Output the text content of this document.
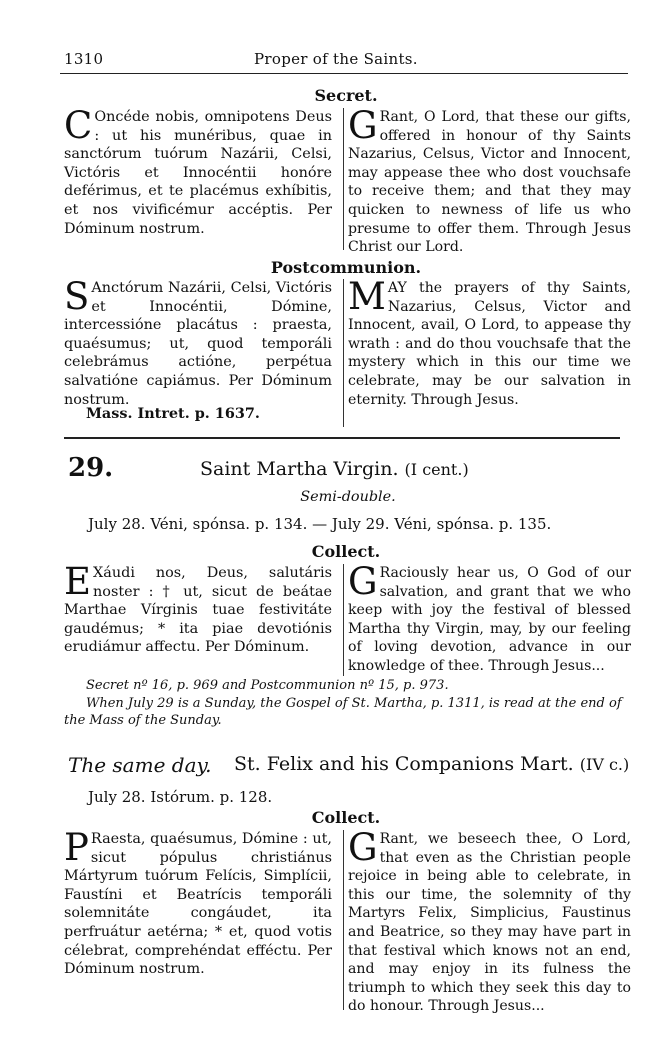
1310	Proper of the Saints.
Secret.
C Oncéde nobis, omnipotens Deus : ut his munéribus, quae in sanctórum tuórum Nazárii, Celsi, Victóris et Innocéntii honóre deférimus, et te placémus exhíbitis, et nos vivificémur accéptis. Per Dóminum nostrum.
G Rant, O Lord, that these our gifts, offered in honour of thy Saints Nazarius, Celsus, Victor and Innocent, may appease thee who dost vouchsafe to receive them; and that they may quicken to newness of life us who presume to offer them. Through Jesus Christ our Lord.
Postcommunion.
S Anctórum Nazárii, Celsi, Victóris et Innocéntii, Dómine, intercessióne placátus : praesta, quaésumus; ut, quod temporáli celebrámus actióne, perpétua salvatióne capiámus. Per Dóminum nostrum.
MAY the prayers of thy Saints, Nazarius, Celsus, Victor and Innocent, avail, O Lord, to appease thy wrath : and do thou vouchsafe that the mystery which in this our time we celebrate, may be our salvation in eternity. Through Jesus.
Mass. Intret. p. 1637.
29.	Saint Martha Virgin. (I cent.)
Semi-double.
July 28. Véni, spónsa. p. 134. — July 29. Véni, spónsa. p. 135.
Collect.
E Xáudi nos, Deus, salutáris noster : † ut, sicut de beátae Marthae Vírginis tuae festivitáte gaudémus; * ita piae devotiónis erudiámur affectu. Per Dóminum.
G Raciously hear us, O God of our salvation, and grant that we who keep with joy the festival of blessed Martha thy Virgin, may, by our feeling of loving devotion, advance in our knowledge of thee. Through Jesus...
Secret nº 16, p. 969 and Postcommunion nº 15, p. 973.
When July 29 is a Sunday, the Gospel of St. Martha, p. 1311, is read at the end of the Mass of the Sunday.
The same day. St. Felix and his Companions Mart. (IV c.)
July 28. Istórum. p. 128.
Collect.
P Raesta, quaésumus, Dómine : ut, sicut pópulus christiánus Mártyrum tuórum Felícis, Simplícii, Faustíni et Beatrícis temporáli solemnitáte congáudet, ita perfruátur aetérna; * et, quod votis célebrat, comprehéndat efféctu. Per Dóminum nostrum.
G Rant, we beseech thee, O Lord, that even as the Christian people rejoice in being able to celebrate, in this our time, the solemnity of thy Martyrs Felix, Simplicius, Faustinus and Beatrice, so they may have part in that festival which knows not an end, and may enjoy in its fulness the triumph to which they seek this day to do honour. Through Jesus...
